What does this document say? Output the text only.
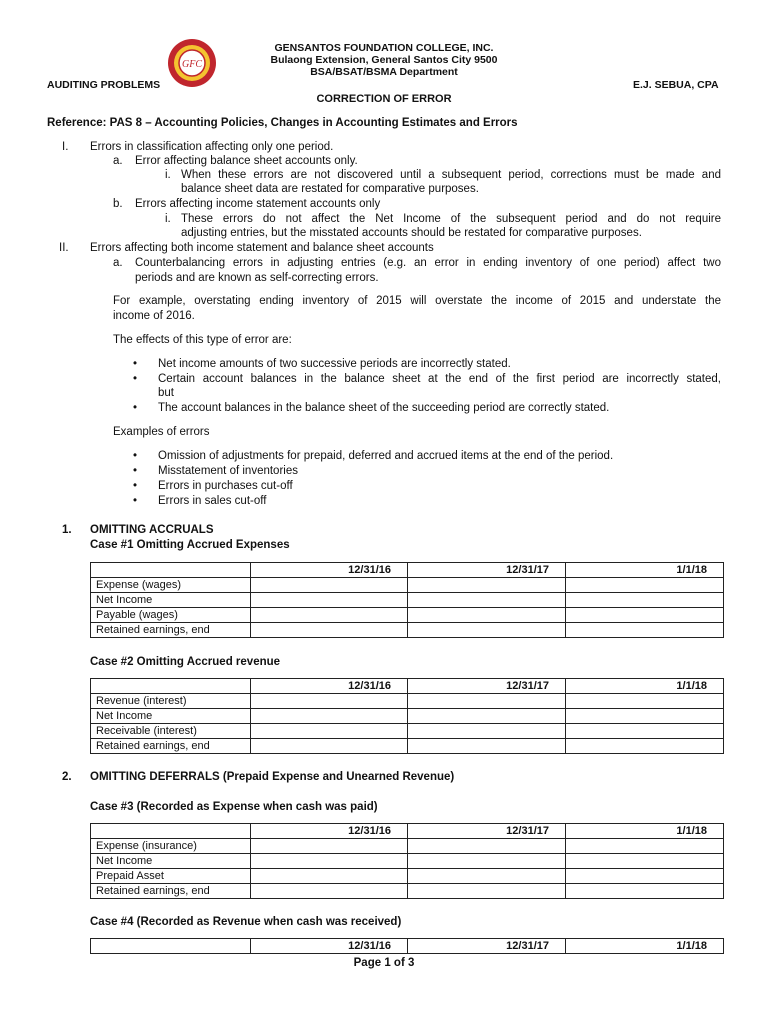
GFC
GENSANTOS FOUNDATION COLLEGE, INC.
Bulaong Extension, General Santos City 9500
BSA/BSAT/BSMA Department
AUDITING PROBLEMS	E.J. SEBUA, CPA
CORRECTION OF ERROR
Reference: PAS 8 – Accounting Policies, Changes in Accounting Estimates and Errors
I. Errors in classification affecting only one period.
a. Error affecting balance sheet accounts only.
i. When these errors are not discovered until a subsequent period, corrections must be made and
balance sheet data are restated for comparative purposes.
b. Errors affecting income statement accounts only
i. These errors do not affect the Net Income of the subsequent period and do not require
adjusting entries, but the misstated accounts should be restated for comparative purposes.
II. Errors affecting both income statement and balance sheet accounts
a. Counterbalancing errors in adjusting entries (e.g. an error in ending inventory of one period) affect two
periods and are known as self-correcting errors.
For example, overstating ending inventory of 2015 will overstate the income of 2015 and understate the
income of 2016.
The effects of this type of error are:
• Net income amounts of two successive periods are incorrectly stated.
• Certain account balances in the balance sheet at the end of the first period are incorrectly stated,
but
• The account balances in the balance sheet of the succeeding period are correctly stated.
Examples of errors
• Omission of adjustments for prepaid, deferred and accrued items at the end of the period.
• Misstatement of inventories
• Errors in purchases cut-off
• Errors in sales cut-off
1. OMITTING ACCRUALS
Case #1 Omitting Accrued Expenses
	12/31/16	12/31/17	1/1/18
Expense (wages)			
Net Income			
Payable (wages)			
Retained earnings, end			
Case #2 Omitting Accrued revenue
	12/31/16	12/31/17	1/1/18
Revenue (interest)			
Net Income			
Receivable (interest)			
Retained earnings, end			
2. OMITTING DEFERRALS (Prepaid Expense and Unearned Revenue)
Case #3 (Recorded as Expense when cash was paid)
	12/31/16	12/31/17	1/1/18
Expense (insurance)			
Net Income			
Prepaid Asset			
Retained earnings, end			
Case #4 (Recorded as Revenue when cash was received)
	12/31/16	12/31/17	1/1/18
Page 1 of 3
